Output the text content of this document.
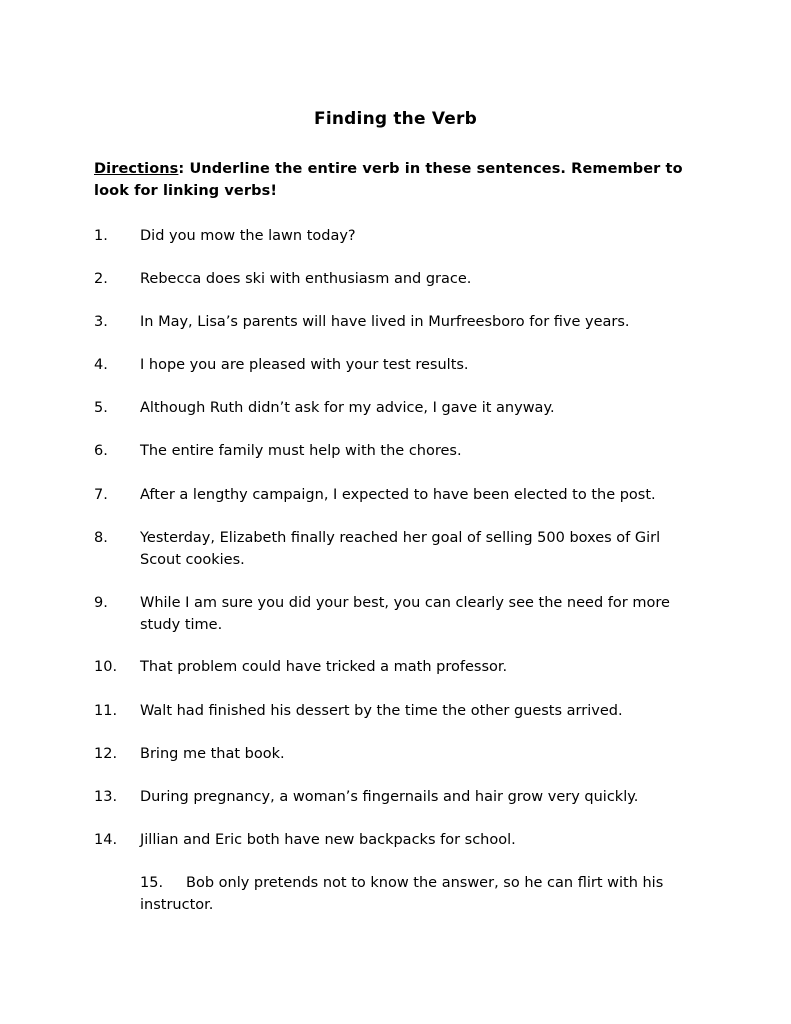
Finding the Verb
Directions: Underline the entire verb in these sentences. Remember to look for linking verbs!
1.	Did you mow the lawn today?
2.	Rebecca does ski with enthusiasm and grace.
3.	In May, Lisa’s parents will have lived in Murfreesboro for five years.
4.	I hope you are pleased with your test results.
5.	Although Ruth didn’t ask for my advice, I gave it anyway.
6.	The entire family must help with the chores.
7.	After a lengthy campaign, I expected to have been elected to the post.
8.	Yesterday, Elizabeth finally reached her goal of selling 500 boxes of Girl Scout cookies.
9.	While I am sure you did your best, you can clearly see the need for more study time.
10.	That problem could have tricked a math professor.
11.	Walt had finished his dessert by the time the other guests arrived.
12.	Bring me that book.
13.	During pregnancy, a woman’s fingernails and hair grow very quickly.
14.	Jillian and Eric both have new backpacks for school.
15. Bob only pretends not to know the answer, so he can flirt with his instructor.
